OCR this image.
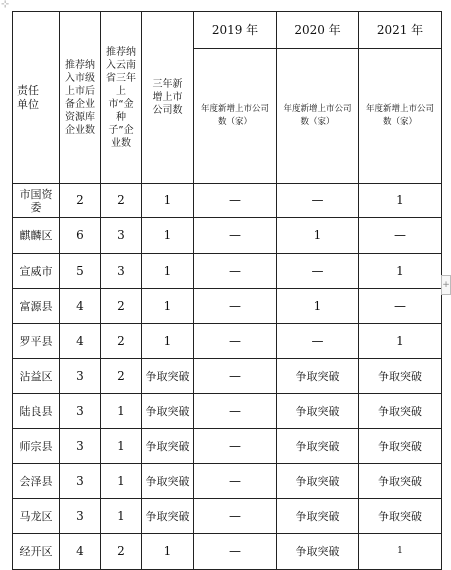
⊹
责任单位	推荐纳入市级上市后备企业资源库企业数	推荐纳入云南省三年上市“金种子”企业数	三年新增上市公司数	2019 年	2020 年	2021 年
				年度新增上市公司数（家）	年度新增上市公司数（家）	年度新增上市公司数（家）
市国资委	2	2	1	—	—	1
麒麟区	6	3	1	—	1	—
宣威市	5	3	1	—	—	1
富源县	4	2	1	—	1	—
罗平县	4	2	1	—	—	1
沾益区	3	2	争取突破	—	争取突破	争取突破
陆良县	3	1	争取突破	—	争取突破	争取突破
师宗县	3	1	争取突破	—	争取突破	争取突破
会泽县	3	1	争取突破	—	争取突破	争取突破
马龙区	3	1	争取突破	—	争取突破	争取突破
经开区	4	2	1	—	争取突破	1
+
